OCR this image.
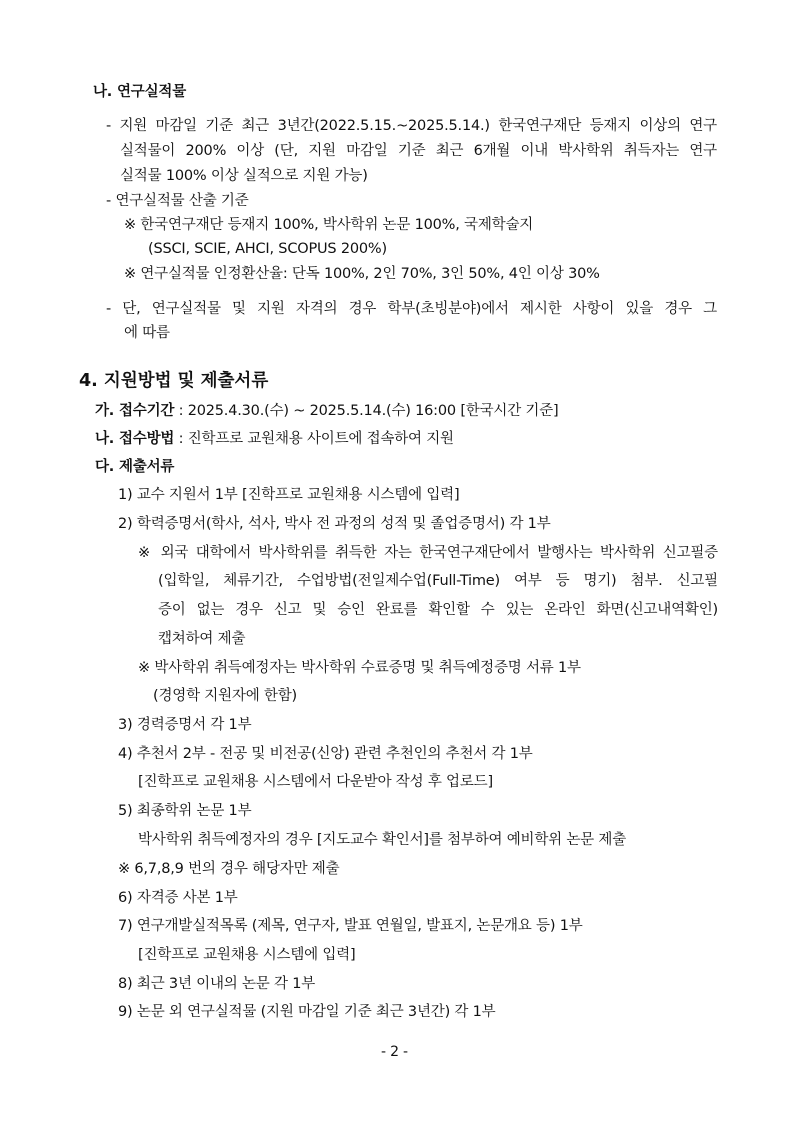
나. 연구실적물
- 지원 마감일 기준 최근 3년간(2022.5.15.~2025.5.14.) 한국연구재단 등재지 이상의 연구
실적물이 200% 이상 (단, 지원 마감일 기준 최근 6개월 이내 박사학위 취득자는 연구
실적물 100% 이상 실적으로 지원 가능)
- 연구실적물 산출 기준
※ 한국연구재단 등재지 100%, 박사학위 논문 100%, 국제학술지
(SSCI, SCIE, AHCI, SCOPUS 200%)
※ 연구실적물 인정환산율: 단독 100%, 2인 70%, 3인 50%, 4인 이상 30%
- 단, 연구실적물 및 지원 자격의 경우 학부(초빙분야)에서 제시한 사항이 있을 경우 그
에 따름
4. 지원방법 및 제출서류
가. 접수기간 : 2025.4.30.(수) ~ 2025.5.14.(수) 16:00 [한국시간 기준]
나. 접수방법 : 진학프로 교원채용 사이트에 접속하여 지원
다. 제출서류
1) 교수 지원서 1부 [진학프로 교원채용 시스템에 입력]
2) 학력증명서(학사, 석사, 박사 전 과정의 성적 및 졸업증명서) 각 1부
※ 외국 대학에서 박사학위를 취득한 자는 한국연구재단에서 발행사는 박사학위 신고필증
(입학일, 체류기간, 수업방법(전일제수업(Full-Time) 여부 등 명기) 첨부. 신고필
증이 없는 경우 신고 및 승인 완료를 확인할 수 있는 온라인 화면(신고내역확인)
캡쳐하여 제출
※ 박사학위 취득예정자는 박사학위 수료증명 및 취득예정증명 서류 1부
(경영학 지원자에 한함)
3) 경력증명서 각 1부
4) 추천서 2부 - 전공 및 비전공(신앙) 관련 추천인의 추천서 각 1부
[진학프로 교원채용 시스템에서 다운받아 작성 후 업로드]
5) 최종학위 논문 1부
박사학위 취득예정자의 경우 [지도교수 확인서]를 첨부하여 예비학위 논문 제출
※ 6,7,8,9 번의 경우 해당자만 제출
6) 자격증 사본 1부
7) 연구개발실적목록 (제목, 연구자, 발표 연월일, 발표지, 논문개요 등) 1부
[진학프로 교원채용 시스템에 입력]
8) 최근 3년 이내의 논문 각 1부
9) 논문 외 연구실적물 (지원 마감일 기준 최근 3년간) 각 1부
- 2 -
